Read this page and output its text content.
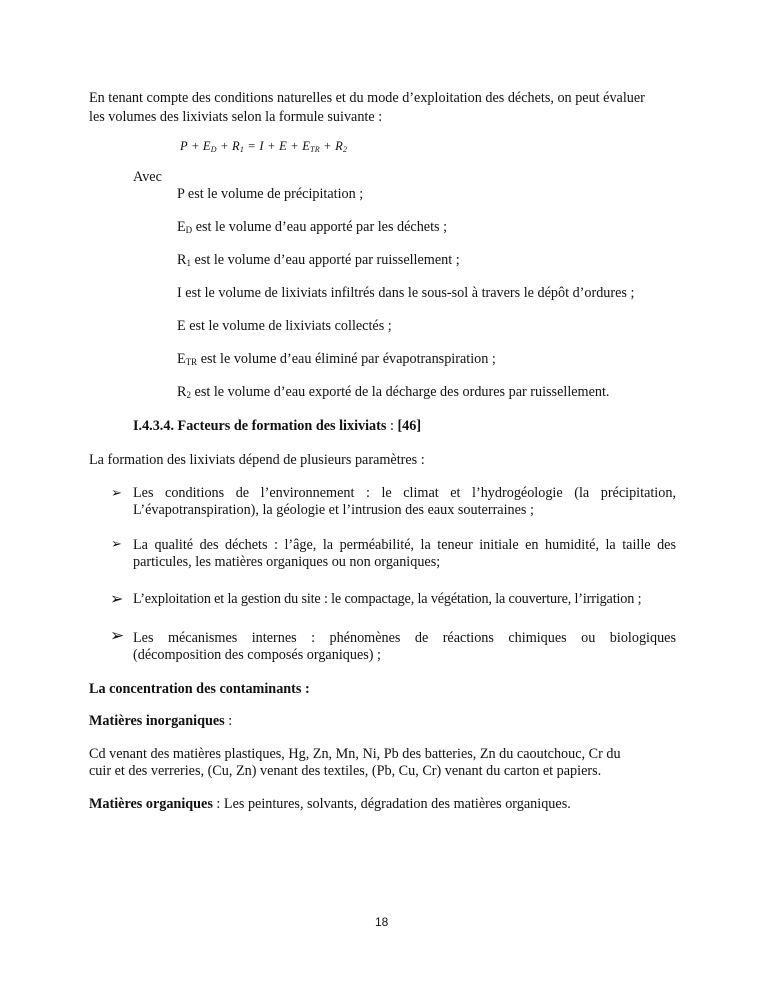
En tenant compte des conditions naturelles et du mode d’exploitation des déchets, on peut évaluer
les volumes des lixiviats selon la formule suivante :
$P + E_D + R_1 = I + E + E_{TR} + R_2$
Avec
P est le volume de précipitation ;
$E_D$ est le volume d’eau apporté par les déchets ;
$R_1$ est le volume d’eau apporté par ruissellement ;
I est le volume de lixiviats infiltrés dans le sous-sol à travers le dépôt d’ordures ;
E est le volume de lixiviats collectés ;
$E_{TR}$ est le volume d’eau éliminé par évapotranspiration ;
$R_2$ est le volume d’eau exporté de la décharge des ordures par ruissellement.
I.4.3.4. Facteurs de formation des lixiviats : [46]
La formation des lixiviats dépend de plusieurs paramètres :
➢ Les conditions de l’environnement : le climat et l’hydrogéologie (la précipitation,
L’évapotranspiration), la géologie et l’intrusion des eaux souterraines ;
➢ La qualité des déchets : l’âge, la perméabilité, la teneur initiale en humidité, la taille des
particules, les matières organiques ou non organiques;
➢ L’exploitation et la gestion du site : le compactage, la végétation, la couverture, l’irrigation ;
➢ Les mécanismes internes : phénomènes de réactions chimiques ou biologiques
(décomposition des composés organiques) ;
La concentration des contaminants :
Matières inorganiques :
Cd venant des matières plastiques, Hg, Zn, Mn, Ni, Pb des batteries, Zn du caoutchouc, Cr du
cuir et des verreries, (Cu, Zn) venant des textiles, (Pb, Cu, Cr) venant du carton et papiers.
Matières organiques : Les peintures, solvants, dégradation des matières organiques.
18
